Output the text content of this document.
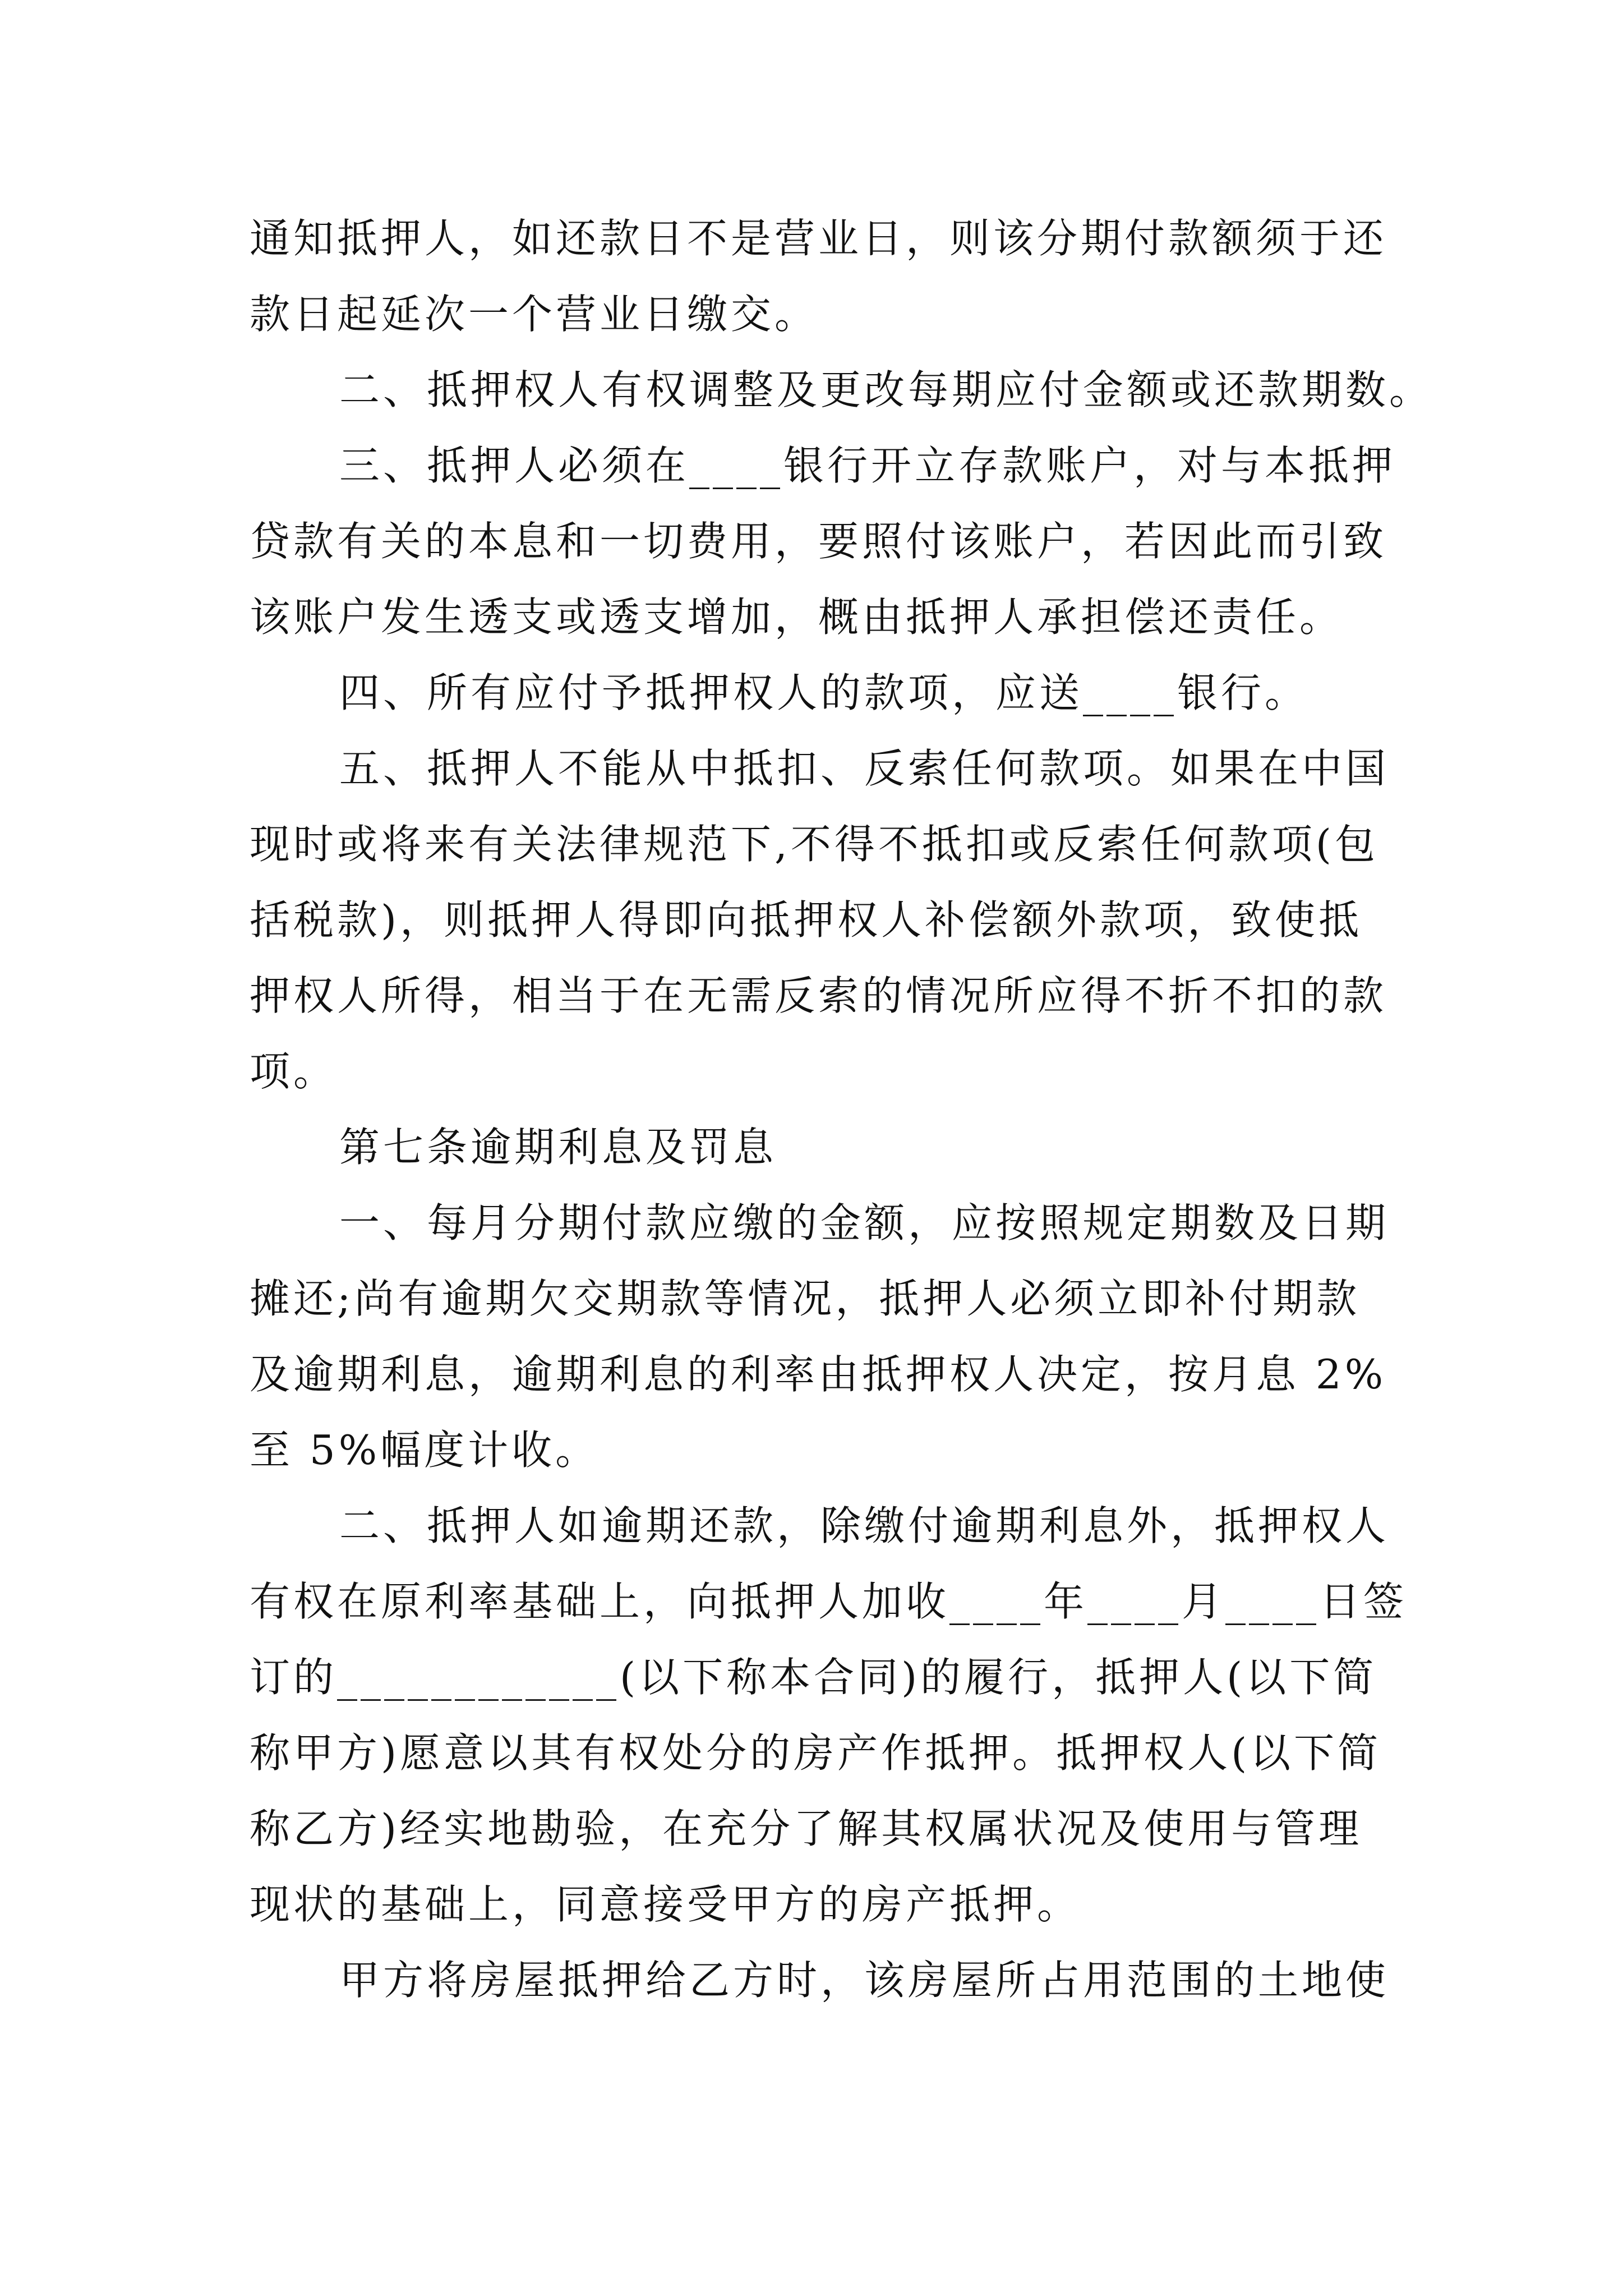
通知抵押人，如还款日不是营业日，则该分期付款额须于还
款日起延次一个营业日缴交。
二、抵押权人有权调整及更改每期应付金额或还款期数。
三、抵押人必须在____银行开立存款账户，对与本抵押
贷款有关的本息和一切费用，要照付该账户，若因此而引致
该账户发生透支或透支增加，概由抵押人承担偿还责任。
四、所有应付予抵押权人的款项，应送____银行。
五、抵押人不能从中抵扣、反索任何款项。如果在中国
现时或将来有关法律规范下,不得不抵扣或反索任何款项(包
括税款)，则抵押人得即向抵押权人补偿额外款项，致使抵
押权人所得，相当于在无需反索的情况所应得不折不扣的款
项。
第七条逾期利息及罚息
一、每月分期付款应缴的金额，应按照规定期数及日期
摊还;尚有逾期欠交期款等情况，抵押人必须立即补付期款
及逾期利息，逾期利息的利率由抵押权人决定，按月息 2%
至 5%幅度计收。
二、抵押人如逾期还款，除缴付逾期利息外，抵押权人
有权在原利率基础上，向抵押人加收____年____月____日签
订的____________(以下称本合同)的履行，抵押人(以下简
称甲方)愿意以其有权处分的房产作抵押。抵押权人(以下简
称乙方)经实地勘验，在充分了解其权属状况及使用与管理
现状的基础上，同意接受甲方的房产抵押。
甲方将房屋抵押给乙方时，该房屋所占用范围的土地使
